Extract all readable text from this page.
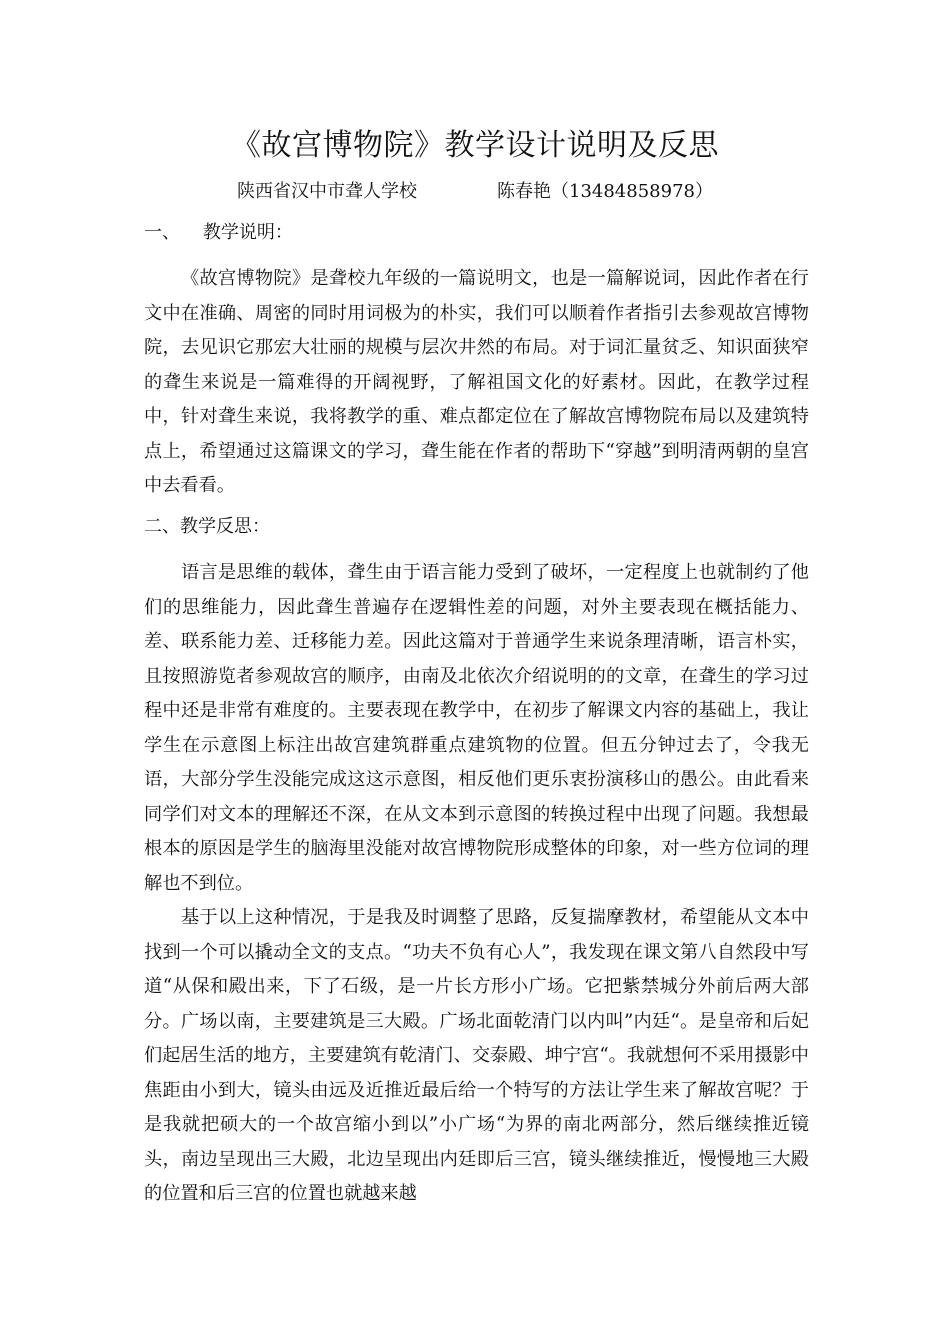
《故宫博物院》教学设计说明及反思
陕西省汉中市聋人学校	陈春艳（13484858978）
一、    教学说明：

《故宫博物院》是聋校九年级的一篇说明文，也是一篇解说词，因此作者在行文中在准确、周密的同时用词极为的朴实，我们可以顺着作者指引去参观故宫博物院，去见识它那宏大壮丽的规模与层次井然的布局。对于词汇量贫乏、知识面狭窄的聋生来说是一篇难得的开阔视野，了解祖国文化的好素材。因此，在教学过程中，针对聋生来说，我将教学的重、难点都定位在了解故宫博物院布局以及建筑特点上，希望通过这篇课文的学习，聋生能在作者的帮助下“穿越”到明清两朝的皇宫中去看看。

二、教学反思：

语言是思维的载体，聋生由于语言能力受到了破坏，一定程度上也就制约了他们的思维能力，因此聋生普遍存在逻辑性差的问题，对外主要表现在概括能力、差、联系能力差、迁移能力差。因此这篇对于普通学生来说条理清晰，语言朴实，且按照游览者参观故宫的顺序，由南及北依次介绍说明的的文章，在聋生的学习过程中还是非常有难度的。主要表现在教学中，在初步了解课文内容的基础上，我让学生在示意图上标注出故宫建筑群重点建筑物的位置。但五分钟过去了，令我无语，大部分学生没能完成这这示意图，相反他们更乐衷扮演移山的愚公。由此看来同学们对文本的理解还不深，在从文本到示意图的转换过程中出现了问题。我想最根本的原因是学生的脑海里没能对故宫博物院形成整体的印象，对一些方位词的理解也不到位。

基于以上这种情况，于是我及时调整了思路，反复揣摩教材，希望能从文本中找到一个可以撬动全文的支点。“功夫不负有心人”，我发现在课文第八自然段中写道“从保和殿出来，下了石级，是一片长方形小广场。它把紫禁城分外前后两大部分。广场以南，主要建筑是三大殿。广场北面乾清门以内叫”内廷“。是皇帝和后妃们起居生活的地方，主要建筑有乾清门、交泰殿、坤宁宫“。我就想何不采用摄影中焦距由小到大，镜头由远及近推近最后给一个特写的方法让学生来了解故宫呢？于是我就把硕大的一个故宫缩小到以”小广场“为界的南北两部分，然后继续推近镜头，南边呈现出三大殿，北边呈现出内廷即后三宫，镜头继续推近，慢慢地三大殿的位置和后三宫的位置也就越来越
